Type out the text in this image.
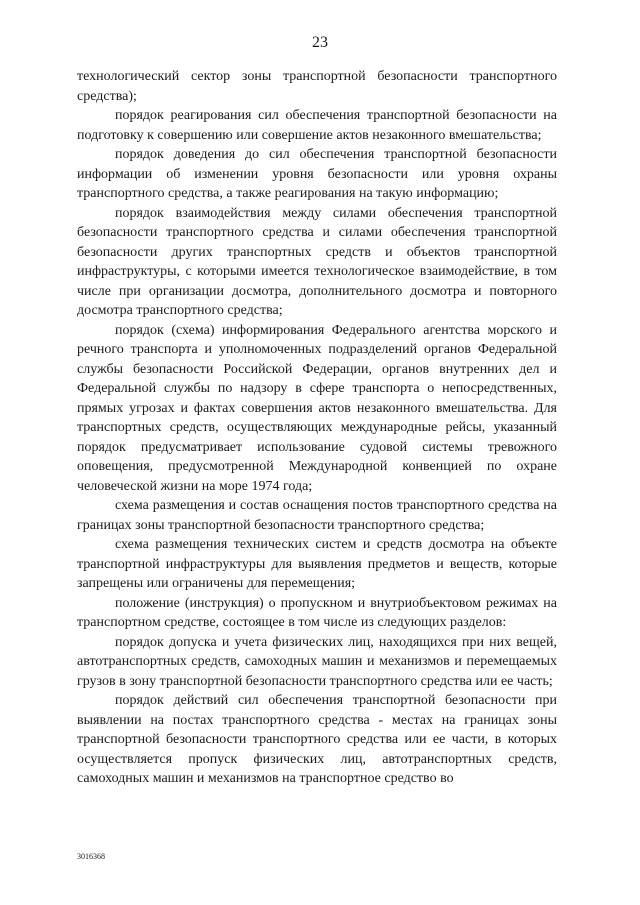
23

технологический сектор зоны транспортной безопасности транспортного средства);

порядок реагирования сил обеспечения транспортной безопасности на подготовку к совершению или совершение актов незаконного вмешательства;

порядок доведения до сил обеспечения транспортной безопасности информации об изменении уровня безопасности или уровня охраны транспортного средства, а также реагирования на такую информацию;

порядок взаимодействия между силами обеспечения транспортной безопасности транспортного средства и силами обеспечения транспортной безопасности других транспортных средств и объектов транспортной инфраструктуры, с которыми имеется технологическое взаимодействие, в том числе при организации досмотра, дополнительного досмотра и повторного досмотра транспортного средства;

порядок (схема) информирования Федерального агентства морского и речного транспорта и уполномоченных подразделений органов Федеральной службы безопасности Российской Федерации, органов внутренних дел и Федеральной службы по надзору в сфере транспорта о непосредственных, прямых угрозах и фактах совершения актов незаконного вмешательства. Для транспортных средств, осуществляющих международные рейсы, указанный порядок предусматривает использование судовой системы тревожного оповещения, предусмотренной Международной конвенцией по охране человеческой жизни на море 1974 года;

схема размещения и состав оснащения постов транспортного средства на границах зоны транспортной безопасности транспортного средства;

схема размещения технических систем и средств досмотра на объекте транспортной инфраструктуры для выявления предметов и веществ, которые запрещены или ограничены для перемещения;

положение (инструкция) о пропускном и внутриобъектовом режимах на транспортном средстве, состоящее в том числе из следующих разделов:

порядок допуска и учета физических лиц, находящихся при них вещей, автотранспортных средств, самоходных машин и механизмов и перемещаемых грузов в зону транспортной безопасности транспортного средства или ее часть;

порядок действий сил обеспечения транспортной безопасности при выявлении на постах транспортного средства - местах на границах зоны транспортной безопасности транспортного средства или ее части, в которых осуществляется пропуск физических лиц, автотранспортных средств, самоходных машин и механизмов на транспортное средство во

3016368
